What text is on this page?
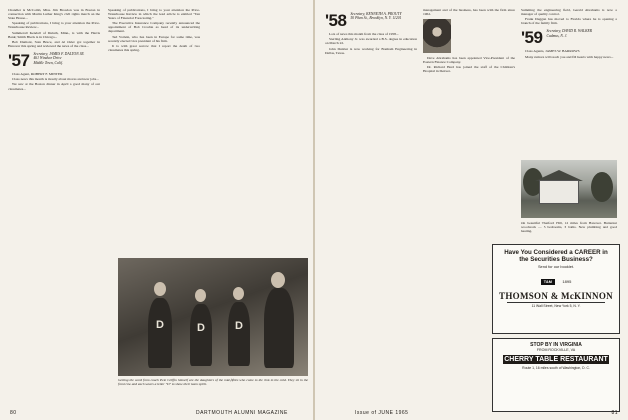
Chandler is McComb, Miss. Jim Brosdon was in Boston in connection with Martin Luther King's civil rights march on the State House...

Speaking of publications, I bring to your attention the Price-Waterhouse Review...

Summerall Kendall of Duluth, Minn., is with the Harris Bank; Smith Bleck is in Chicago...

Bob Dumont, Stan Bruce, and Al Osler got together in Hanover this spring and reviewed the news of the class...

'57	Secretary, JAMES F. DALTON JR.
461 Windsor Drive
Middle Town, Calif.

Class Agent, ROBERT F. MINTER

Class news this month is mostly about moves and new jobs...

We saw at the Boston dinner in April a good many of our classmates...

Speaking of publications, I bring to your attention the Price-Waterhouse Review in which the lead article is entitled "Ten Years of Financial Forecasting."

The Executive Insurance Company recently announced the appointment of Bob Crosbie as head of its underwriting department.

Ted Vorlein, who has been in Europe for some time, was recently elected vice president of his firm.

It is with great sorrow that I report the death of two classmates this spring.

D	D	D
Getting the word from coach Pete Griffin himself are the daughters of the mid-fifties who come to the rink in the cold. They sit in the front row and each wears a letter "D" to show their team spirit.
80	DARTMOUTH ALUMNI MAGAZINE
'58	Secretary, KENNETH A. PROUTY
50 Plum St., Brooklyn, N. Y. 11201

Lots of news this month from the class of 1958...

Sterling Anthony Jr. was awarded a B.S. degree in education on March 22.

John Dunbar is now working for Bonham Engineering in Dallas, Texas.

management and of the business, has been with the firm since 1962.

Dave Abrahams has been appointed Vice-President of the Eastern Finance Company.

Dr. Richard Herd has joined the staff of the Children's Hospital in Denver.

Summing the engineering field, Gerald Abrahams is now a manager of quality control.

Frank Duggan has moved to Florida where he is opening a branch of the family firm.

'59	Secretary, DAVID R. WALKER
Cadmus, N. J.

Class Agents, JAMES W. BARROWS

Many rumors will reach you and fill hearts with happy news...

On beautiful Thetford Hill, 12 miles from Hanover. Butternut woodwork — 5 bedrooms, 3 baths. New plumbing and good heating.
Have You Considered a CAREER in the Securities Business?
Send for our booklet.
T&M	1895
THOMSON & McKINNON
11 Wall Street, New York 5, N. Y.
STOP BY IN VIRGINIA
FROM ROCKVILLE, VA
CHERRY TABLE RESTAURANT
Route 1, 16 miles south of Washington, D. C.
Issue of JUNE 1965	81
